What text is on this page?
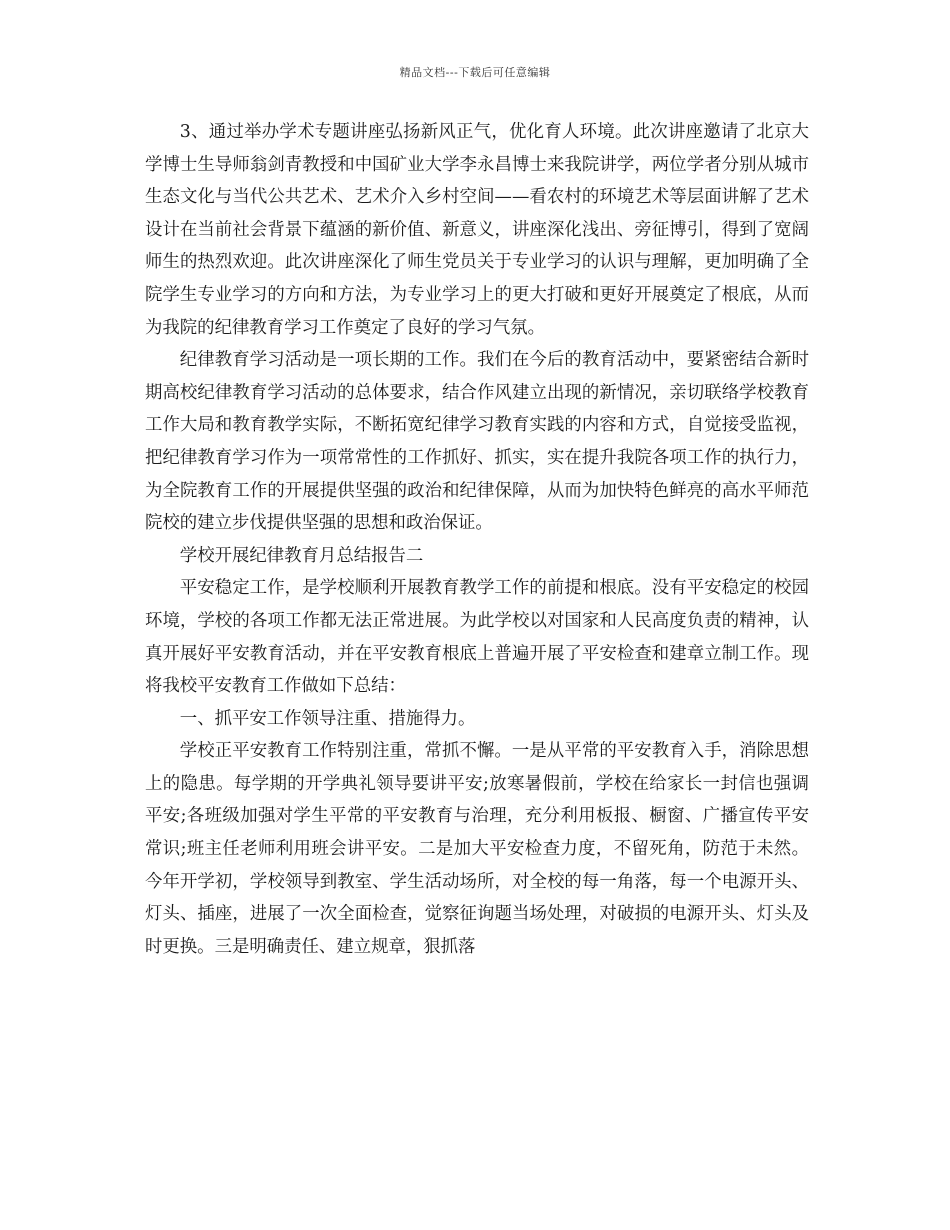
精品文档---下载后可任意编辑

3、通过举办学术专题讲座弘扬新风正气，优化育人环境。此次讲座邀请了北京大学博士生导师翁剑青教授和中国矿业大学李永昌博士来我院讲学，两位学者分别从城市生态文化与当代公共艺术、艺术介入乡村空间——看农村的环境艺术等层面讲解了艺术设计在当前社会背景下蕴涵的新价值、新意义，讲座深化浅出、旁征博引，得到了宽阔师生的热烈欢迎。此次讲座深化了师生党员关于专业学习的认识与理解，更加明确了全院学生专业学习的方向和方法，为专业学习上的更大打破和更好开展奠定了根底，从而为我院的纪律教育学习工作奠定了良好的学习气氛。

纪律教育学习活动是一项长期的工作。我们在今后的教育活动中，要紧密结合新时期高校纪律教育学习活动的总体要求，结合作风建立出现的新情况，亲切联络学校教育工作大局和教育教学实际，不断拓宽纪律学习教育实践的内容和方式，自觉接受监视，把纪律教育学习作为一项常常性的工作抓好、抓实，实在提升我院各项工作的执行力，为全院教育工作的开展提供坚强的政治和纪律保障，从而为加快特色鲜亮的高水平师范院校的建立步伐提供坚强的思想和政治保证。

学校开展纪律教育月总结报告二

平安稳定工作，是学校顺利开展教育教学工作的前提和根底。没有平安稳定的校园环境，学校的各项工作都无法正常进展。为此学校以对国家和人民高度负责的精神，认真开展好平安教育活动，并在平安教育根底上普遍开展了平安检查和建章立制工作。现将我校平安教育工作做如下总结：

一、抓平安工作领导注重、措施得力。

学校正平安教育工作特别注重，常抓不懈。一是从平常的平安教育入手，消除思想上的隐患。每学期的开学典礼领导要讲平安;放寒暑假前，学校在给家长一封信也强调平安;各班级加强对学生平常的平安教育与治理，充分利用板报、橱窗、广播宣传平安常识;班主任老师利用班会讲平安。二是加大平安检查力度，不留死角，防范于未然。今年开学初，学校领导到教室、学生活动场所，对全校的每一角落，每一个电源开头、灯头、插座，进展了一次全面检查，觉察征询题当场处理，对破损的电源开头、灯头及时更换。三是明确责任、建立规章，狠抓落
